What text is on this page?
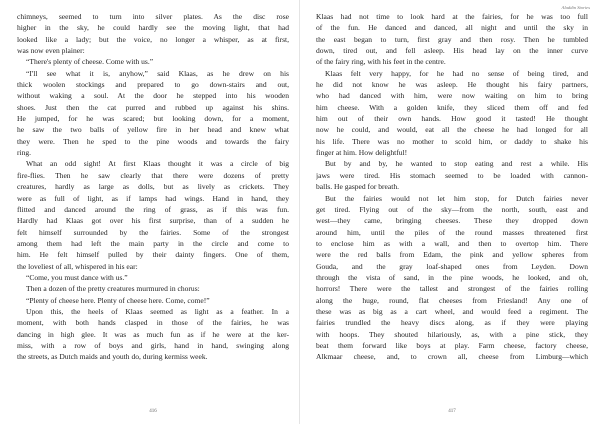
chimneys, seemed to turn into silver plates. As the disc rose
higher in the sky, he could hardly see the moving light, that had
looked like a lady; but the voice, no longer a whisper, as at first,
was now even plainer:
“There's plenty of cheese. Come with us.”
“I'll see what it is, anyhow,” said Klaas, as he drew on his
thick woolen stockings and prepared to go down-stairs and out,
without waking a soul. At the door he stepped into his wooden
shoes. Just then the cat purred and rubbed up against his shins.
He jumped, for he was scared; but looking down, for a moment,
he saw the two balls of yellow fire in her head and knew what
they were. Then he sped to the pine woods and towards the fairy
ring.
What an odd sight! At first Klaas thought it was a circle of big
fire-flies. Then he saw clearly that there were dozens of pretty
creatures, hardly as large as dolls, but as lively as crickets. They
were as full of light, as if lamps had wings. Hand in hand, they
flitted and danced around the ring of grass, as if this was fun.
Hardly had Klaas got over his first surprise, than of a sudden he
felt himself surrounded by the fairies. Some of the strongest
among them had left the main party in the circle and come to
him. He felt himself pulled by their dainty fingers. One of them,
the loveliest of all, whispered in his ear:
“Come, you must dance with us.”
Then a dozen of the pretty creatures murmured in chorus:
“Plenty of cheese here. Plenty of cheese here. Come, come!”
Upon this, the heels of Klaas seemed as light as a feather. In a
moment, with both hands clasped in those of the fairies, he was
dancing in high glee. It was as much fun as if he were at the ker-
miss, with a row of boys and girls, hand in hand, swinging along
the streets, as Dutch maids and youth do, during kermiss week.
416
Aladdin Stories
Klaas had not time to look hard at the fairies, for he was too full
of the fun. He danced and danced, all night and until the sky in
the east began to turn, first gray and then rosy. Then he tumbled
down, tired out, and fell asleep. His head lay on the inner curve
of the fairy ring, with his feet in the centre.
Klaas felt very happy, for he had no sense of being tired, and
he did not know he was asleep. He thought his fairy partners,
who had danced with him, were now waiting on him to bring
him cheese. With a golden knife, they sliced them off and fed
him out of their own hands. How good it tasted! He thought
now he could, and would, eat all the cheese he had longed for all
his life. There was no mother to scold him, or daddy to shake his
finger at him. How delightful!
But by and by, he wanted to stop eating and rest a while. His
jaws were tired. His stomach seemed to be loaded with cannon-
balls. He gasped for breath.
But the fairies would not let him stop, for Dutch fairies never
get tired. Flying out of the sky—from the north, south, east and
west—they came, bringing cheeses. These they dropped down
around him, until the piles of the round masses threatened first
to enclose him as with a wall, and then to overtop him. There
were the red balls from Edam, the pink and yellow spheres from
Gouda, and the gray loaf-shaped ones from Leyden. Down
through the vista of sand, in the pine woods, he looked, and oh,
horrors! There were the tallest and strongest of the fairies rolling
along the huge, round, flat cheeses from Friesland! Any one of
these was as big as a cart wheel, and would feed a regiment. The
fairies trundled the heavy discs along, as if they were playing
with hoops. They shouted hilariously, as, with a pine stick, they
beat them forward like boys at play. Farm cheese, factory cheese,
Alkmaar cheese, and, to crown all, cheese from Limburg—which
417
